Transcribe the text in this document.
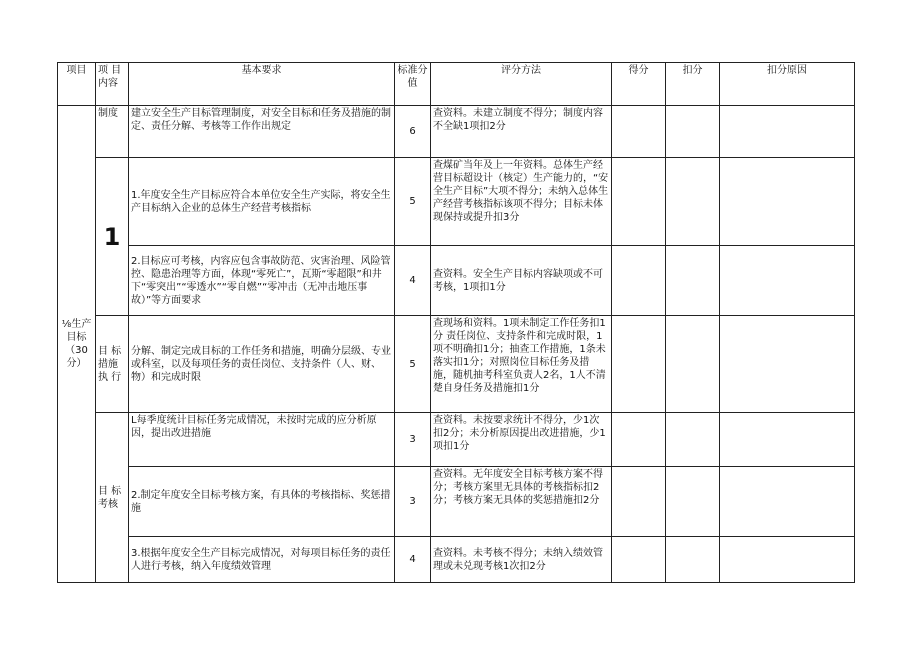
项目	项 目内容	基本要求	标准分值	评分方法	得分	扣分	扣分原因
⅛生产目标（30分）	制度	建立安全生产目标管理制度，对安全目标和任务及措施的制定、责任分解、考核等工作作出规定	6	查资料。未建立制度不得分；制度内容不全缺1项扣2分			

	1	1.年度安全生产目标应符合本单位安全生产实际，将安全生产目标纳入企业的总体生产经营考核指标	5	查煤矿当年及上一年资料。总体生产经营目标超设计（核定）生产能力的，“安全生产目标”大项不得分；未纳入总体生产经营考核指标该项不得分；目标未体现保持或提升扣3分			
		2.目标应可考核，内容应包含事故防范、灾害治理、风险管控、隐患治理等方面，体现“零死亡”，瓦斯“零超限”和井下“零突出”“零透水”“零自燃”“零冲击（无冲击地压事故）”等方面要求	4	查资料。安全生产目标内容缺项或不可考核，1项扣1分			
	目 标措施 执 行	分解、制定完成目标的工作任务和措施，明确分层级、专业或科室，以及每项任务的责任岗位、支持条件（人、财、物）和完成时限	5	查现场和资料。1项未制定工作任务扣1分 责任岗位、支持条件和完成时限，1项不明确扣1分；抽查工作措施，1条未落实扣1分；对照岗位目标任务及措施，随机抽考科室负责人2名，1人不清楚自身任务及措施扣1分			
	目 标考核	L每季度统计目标任务完成情况，未按时完成的应分析原因，提出改进措施	3	查资料。未按要求统计不得分，少1次扣2分；未分析原因提出改进措施，少1项扣1分			
		2.制定年度安全目标考核方案，有具体的考核指标、奖惩措施	3	查资料。无年度安全目标考核方案不得分；考核方案里无具体的考核指标扣2分；考核方案无具体的奖惩措施扣2分			
		3.根据年度安全生产目标完成情况，对每项目标任务的责任人进行考核，纳入年度绩效管理	4	查资料。未考核不得分；未纳入绩效管理或未兑现考核1次扣2分			
